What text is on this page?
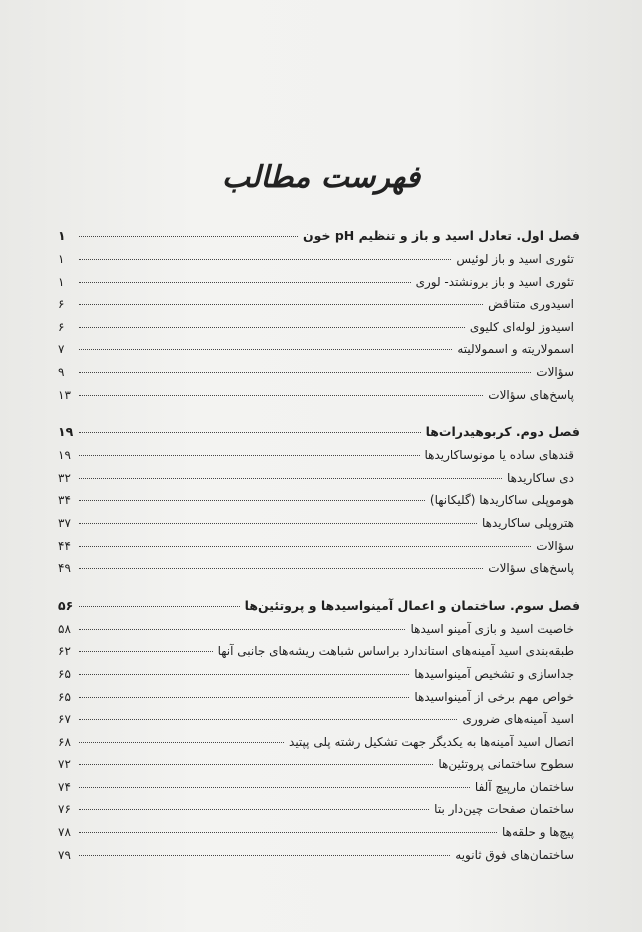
فهرست مطالب
فصل اول. تعادل اسید و باز و تنظیم pH خون
۱
تئوری اسید و باز لوئیس
۱
تئوری اسید و باز برونشتد- لوری
۱
اسیدوری متناقض
۶
اسیدوز لوله‌ای کلیوی
۶
اسمولاریته و اسمولالیته
۷
سؤالات
۹
پاسخ‌های سؤالات
۱۳
فصل دوم. کربوهیدرات‌ها
۱۹
قندهای ساده یا مونوساکاریدها
۱۹
دی ساکاریدها
۳۲
هوموپلی ساکاریدها (گلیکانها)
۳۴
هتروپلی ساکاریدها
۳۷
سؤالات
۴۴
پاسخ‌های سؤالات
۴۹
فصل سوم. ساختمان و اعمال آمینواسیدها و پروتئین‌ها
۵۶
خاصیت اسید و بازی آمینو اسیدها
۵۸
طبقه‌بندی اسید آمینه‌های استاندارد براساس شباهت ریشه‌های جانبی آنها
۶۲
جداسازی و تشخیص آمینواسیدها
۶۵
خواص مهم برخی از آمینواسیدها
۶۵
اسید آمینه‌های ضروری
۶۷
اتصال اسید آمینه‌ها به یکدیگر جهت تشکیل رشته پلی پپتید
۶۸
سطوح ساختمانی پروتئین‌ها
۷۲
ساختمان مارپیچ آلفا
۷۴
ساختمان صفحات چین‌دار بتا
۷۶
پیچ‌ها و حلقه‌ها
۷۸
ساختمان‌های فوق ثانویه
۷۹
